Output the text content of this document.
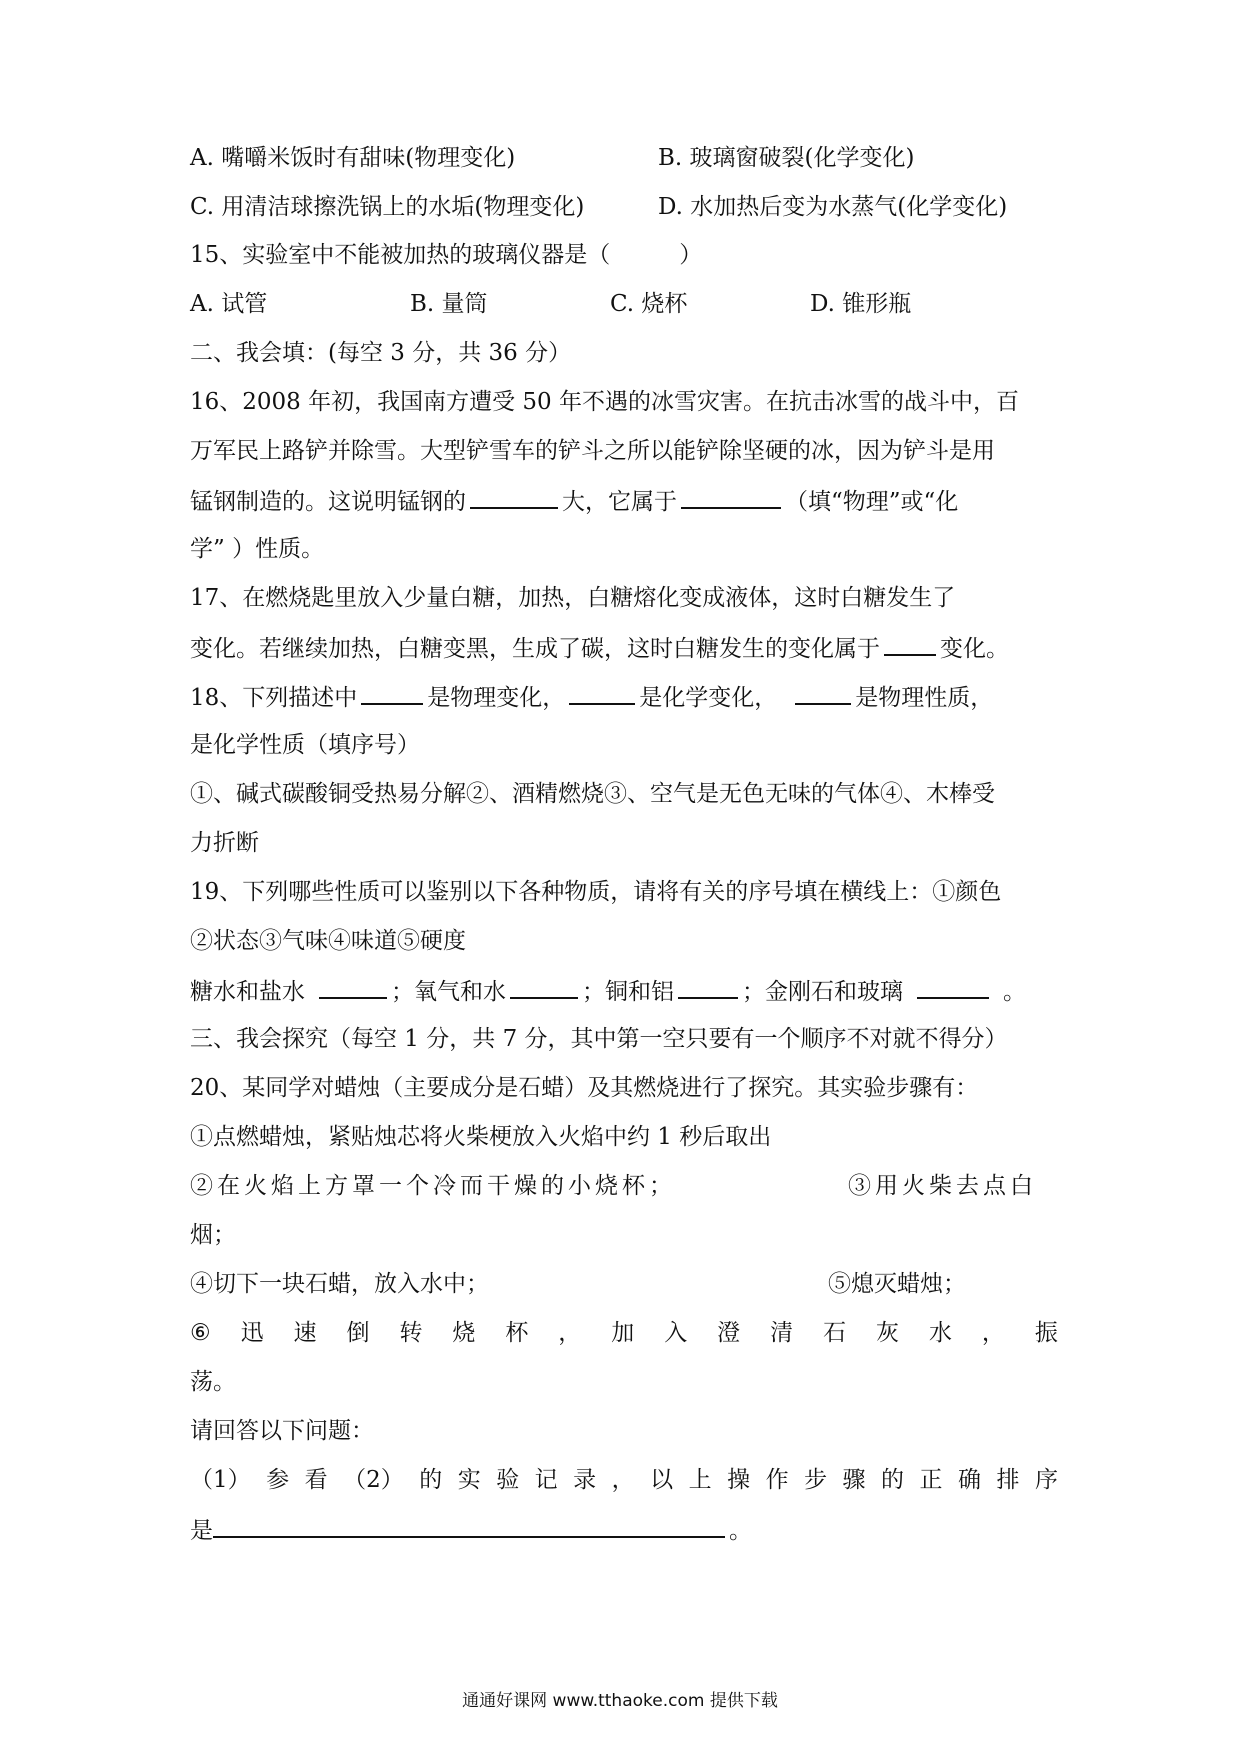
A. 嘴嚼米饭时有甜味(物理变化)	B. 玻璃窗破裂(化学变化)
C. 用清洁球擦洗锅上的水垢(物理变化)	D. 水加热后变为水蒸气(化学变化)
15、实验室中不能被加热的玻璃仪器是（　　　）
A. 试管	B. 量筒	C. 烧杯	D. 锥形瓶
二、我会填：(每空 3 分，共 36 分）
16、2008 年初，我国南方遭受 50 年不遇的冰雪灾害。在抗击冰雪的战斗中，百
万军民上路铲并除雪。大型铲雪车的铲斗之所以能铲除坚硬的冰，因为铲斗是用
锰钢制造的。这说明锰钢的	大，它属于	（填“物理”或“化
学” ）性质。
17、在燃烧匙里放入少量白糖，加热，白糖熔化变成液体，这时白糖发生了
变化。若继续加热，白糖变黑，生成了碳，这时白糖发生的变化属于	变化。
18、下列描述中	是物理变化，	是化学变化，	是物理性质，
是化学性质（填序号）
①、碱式碳酸铜受热易分解②、酒精燃烧③、空气是无色无味的气体④、木棒受
力折断
19、下列哪些性质可以鉴别以下各种物质，请将有关的序号填在横线上：①颜色
②状态③气味④味道⑤硬度
糖水和盐水	；氧气和水	；铜和铝	；金刚石和玻璃	。
三、我会探究（每空 1 分，共 7 分，其中第一空只要有一个顺序不对就不得分）
20、某同学对蜡烛（主要成分是石蜡）及其燃烧进行了探究。其实验步骤有：
①点燃蜡烛，紧贴烛芯将火柴梗放入火焰中约 1 秒后取出
②在火焰上方罩一个冷而干燥的小烧杯；	③用火柴去点白
烟；
④切下一块石蜡，放入水中；	⑤熄灭蜡烛；
⑥ 迅 速 倒 转 烧 杯 ， 加 入 澄 清 石 灰 水 ， 振
荡。
请回答以下问题：
（1） 参 看 （2） 的 实 验 记 录 ， 以 上 操 作 步 骤 的 正 确 排 序
是	。
通通好课网 www.tthaoke.com 提供下载
